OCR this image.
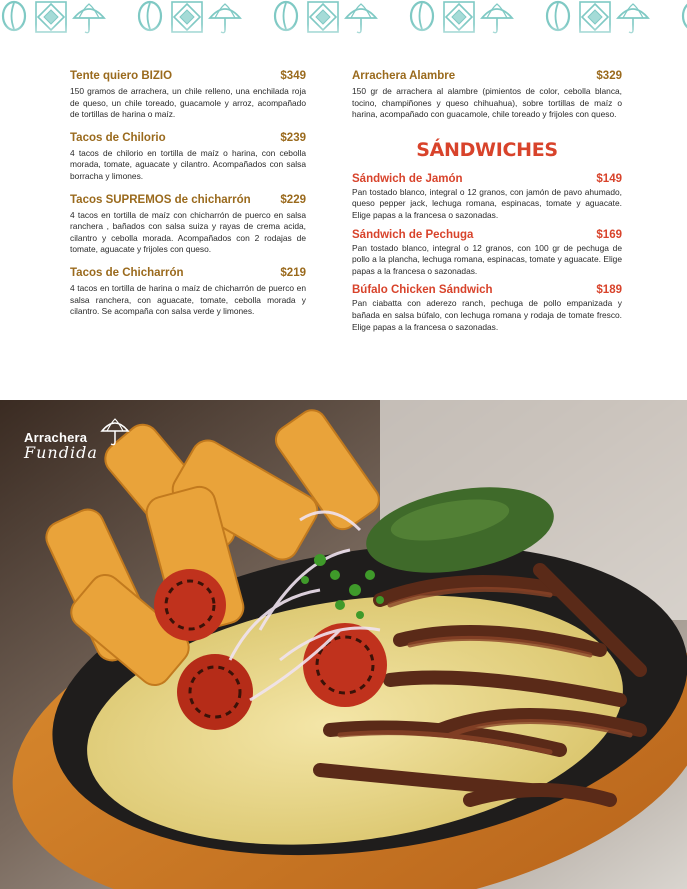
Tente quiero BIZIO	$349
150 gramos de arrachera, un chile relleno, una enchilada roja de queso, un chile toreado, guacamole y arroz, acompañado de tortillas de harina o maíz.
Tacos de Chilorio	$239
4 tacos de chilorio en tortilla de maíz o harina, con cebolla morada, tomate, aguacate y cilantro. Acompañados con salsa borracha y limones.
Tacos SUPREMOS de chicharrón	$229
4 tacos en tortilla de maíz con chicharrón de puerco en salsa ranchera , bañados con salsa suiza y rayas de crema acida, cilantro y cebolla morada. Acompañados con 2 rodajas de tomate, aguacate y frijoles con queso.
Tacos de Chicharrón	$219
4 tacos en tortilla de harina o maíz de chicharrón de puerco en salsa ranchera, con aguacate, tomate, cebolla morada y cilantro. Se acompaña con salsa verde y limones.
Arrachera Alambre	$329
150 gr de arrachera al alambre (pimientos de color, cebolla blanca, tocino, champiñones y queso chihuahua), sobre tortillas de maíz o harina, acompañado con guacamole, chile toreado y frijoles con queso.
SÁNDWICHES
Sándwich de Jamón	$149
Pan tostado blanco, integral o 12 granos, con jamón de pavo ahumado, queso pepper jack, lechuga romana, espinacas, tomate y aguacate. Elige papas a la francesa o sazonadas.
Sándwich de Pechuga	$169
Pan tostado blanco, integral o 12 granos, con 100 gr de pechuga de pollo a la plancha, lechuga romana, espinacas, tomate y aguacate. Elige papas a la francesa o sazonadas.
Búfalo Chicken Sándwich	$189
Pan ciabatta con aderezo ranch, pechuga de pollo empanizada y bañada en salsa búfalo, con lechuga romana y rodaja de tomate fresco. Elige papas a la francesa o sazonadas.
Arrachera
Fundida
